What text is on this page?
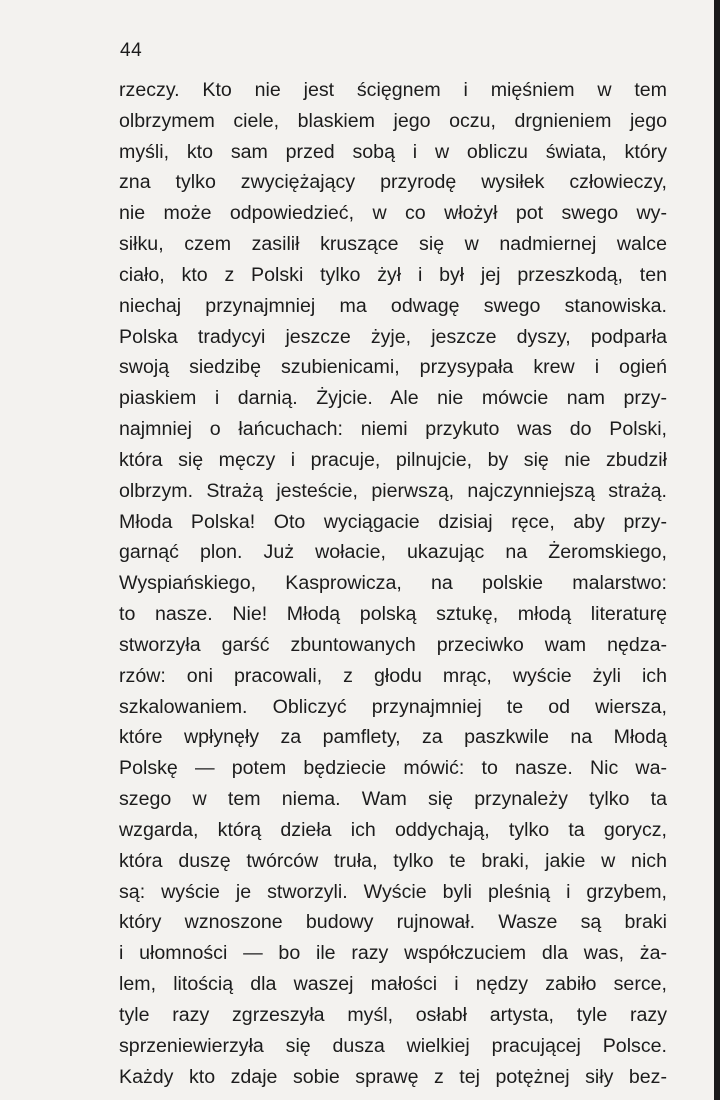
44
rzeczy. Kto nie jest ścięgnem i mięśniem w tem
olbrzymem ciele, blaskiem jego oczu, drgnieniem jego
myśli, kto sam przed sobą i w obliczu świata, który
zna tylko zwyciężający przyrodę wysiłek człowieczy,
nie może odpowiedzieć, w co włożył pot swego wy-
siłku, czem zasilił kruszące się w nadmiernej walce
ciało, kto z Polski tylko żył i był jej przeszkodą, ten
niechaj przynajmniej ma odwagę swego stanowiska.
Polska tradycyi jeszcze żyje, jeszcze dyszy, podparła
swoją siedzibę szubienicami, przysypała krew i ogień
piaskiem i darnią. Żyjcie. Ale nie mówcie nam przy-
najmniej o łańcuchach: niemi przykuto was do Polski,
która się męczy i pracuje, pilnujcie, by się nie zbudził
olbrzym. Strażą jesteście, pierwszą, najczynniejszą strażą.
Młoda Polska! Oto wyciągacie dzisiaj ręce, aby przy-
garnąć plon. Już wołacie, ukazując na Żeromskiego,
Wyspiańskiego, Kasprowicza, na polskie malarstwo:
to nasze. Nie! Młodą polską sztukę, młodą literaturę
stworzyła garść zbuntowanych przeciwko wam nędza-
rzów: oni pracowali, z głodu mrąc, wyście żyli ich
szkalowaniem. Obliczyć przynajmniej te od wiersza,
które wpłynęły za pamflety, za paszkwile na Młodą
Polskę — potem będziecie mówić: to nasze. Nic wa-
szego w tem niema. Wam się przynależy tylko ta
wzgarda, którą dzieła ich oddychają, tylko ta gorycz,
która duszę twórców truła, tylko te braki, jakie w nich
są: wyście je stworzyli. Wyście byli pleśnią i grzybem,
który wznoszone budowy rujnował. Wasze są braki
i ułomności — bo ile razy współczuciem dla was, ża-
lem, litością dla waszej małości i nędzy zabiło serce,
tyle razy zgrzeszyła myśl, osłabł artysta, tyle razy
sprzeniewierzyła się dusza wielkiej pracującej Polsce.
Każdy kto zdaje sobie sprawę z tej potężnej siły bez-
